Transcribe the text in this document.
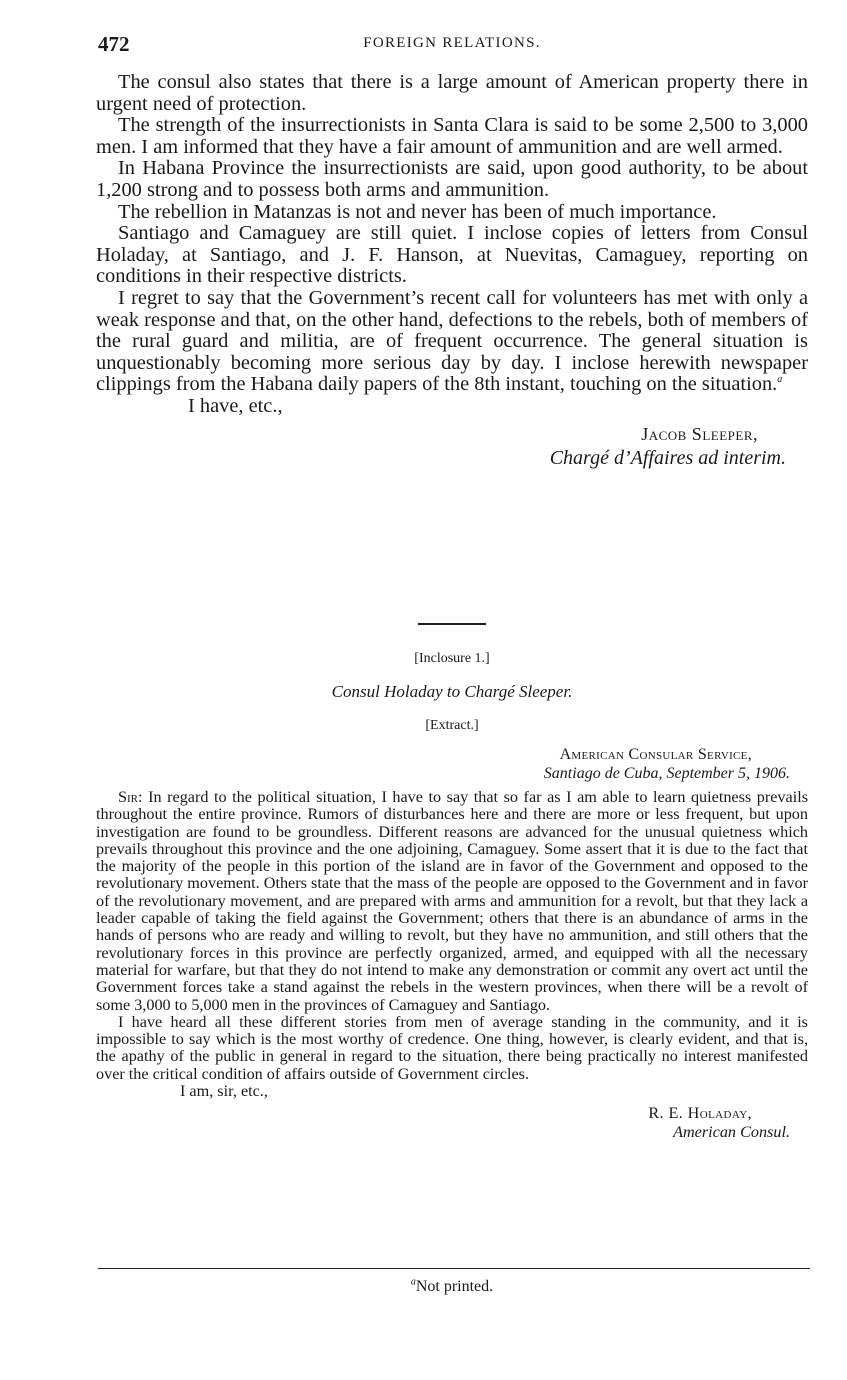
472	FOREIGN RELATIONS.

The consul also states that there is a large amount of American property there in urgent need of protection.

The strength of the insurrectionists in Santa Clara is said to be some 2,500 to 3,000 men. I am informed that they have a fair amount of ammunition and are well armed.

In Habana Province the insurrectionists are said, upon good authority, to be about 1,200 strong and to possess both arms and ammunition.

The rebellion in Matanzas is not and never has been of much importance.

Santiago and Camaguey are still quiet. I inclose copies of letters from Consul Holaday, at Santiago, and J. F. Hanson, at Nuevitas, Camaguey, reporting on conditions in their respective districts.

I regret to say that the Government’s recent call for volunteers has met with only a weak response and that, on the other hand, defections to the rebels, both of members of the rural guard and militia, are of frequent occurrence. The general situation is unquestionably becoming more serious day by day. I inclose herewith newspaper clippings from the Habana daily papers of the 8th instant, touching on the situation.$^a$

I have, etc.,

Jacob Sleeper,
Chargé d’Affaires ad interim.
[Inclosure 1.]
Consul Holaday to Chargé Sleeper.
[Extract.]
American Consular Service,
Santiago de Cuba, September 5, 1906.

Sir: In regard to the political situation, I have to say that so far as I am able to learn quietness prevails throughout the entire province. Rumors of disturbances here and there are more or less frequent, but upon investigation are found to be groundless. Different reasons are advanced for the unusual quietness which prevails throughout this province and the one adjoining, Camaguey. Some assert that it is due to the fact that the majority of the people in this portion of the island are in favor of the Government and opposed to the revolutionary movement. Others state that the mass of the people are opposed to the Government and in favor of the revolutionary movement, and are prepared with arms and ammunition for a revolt, but that they lack a leader capable of taking the field against the Government; others that there is an abundance of arms in the hands of persons who are ready and willing to revolt, but they have no ammunition, and still others that the revolutionary forces in this province are perfectly organized, armed, and equipped with all the necessary material for warfare, but that they do not intend to make any demonstration or commit any overt act until the Government forces take a stand against the rebels in the western provinces, when there will be a revolt of some 3,000 to 5,000 men in the provinces of Camaguey and Santiago.

I have heard all these different stories from men of average standing in the community, and it is impossible to say which is the most worthy of credence. One thing, however, is clearly evident, and that is, the apathy of the public in general in regard to the situation, there being practically no interest manifested over the critical condition of affairs outside of Government circles.

I am, sir, etc.,

R. E. Holaday,
American Consul.
$^a$Not printed.
